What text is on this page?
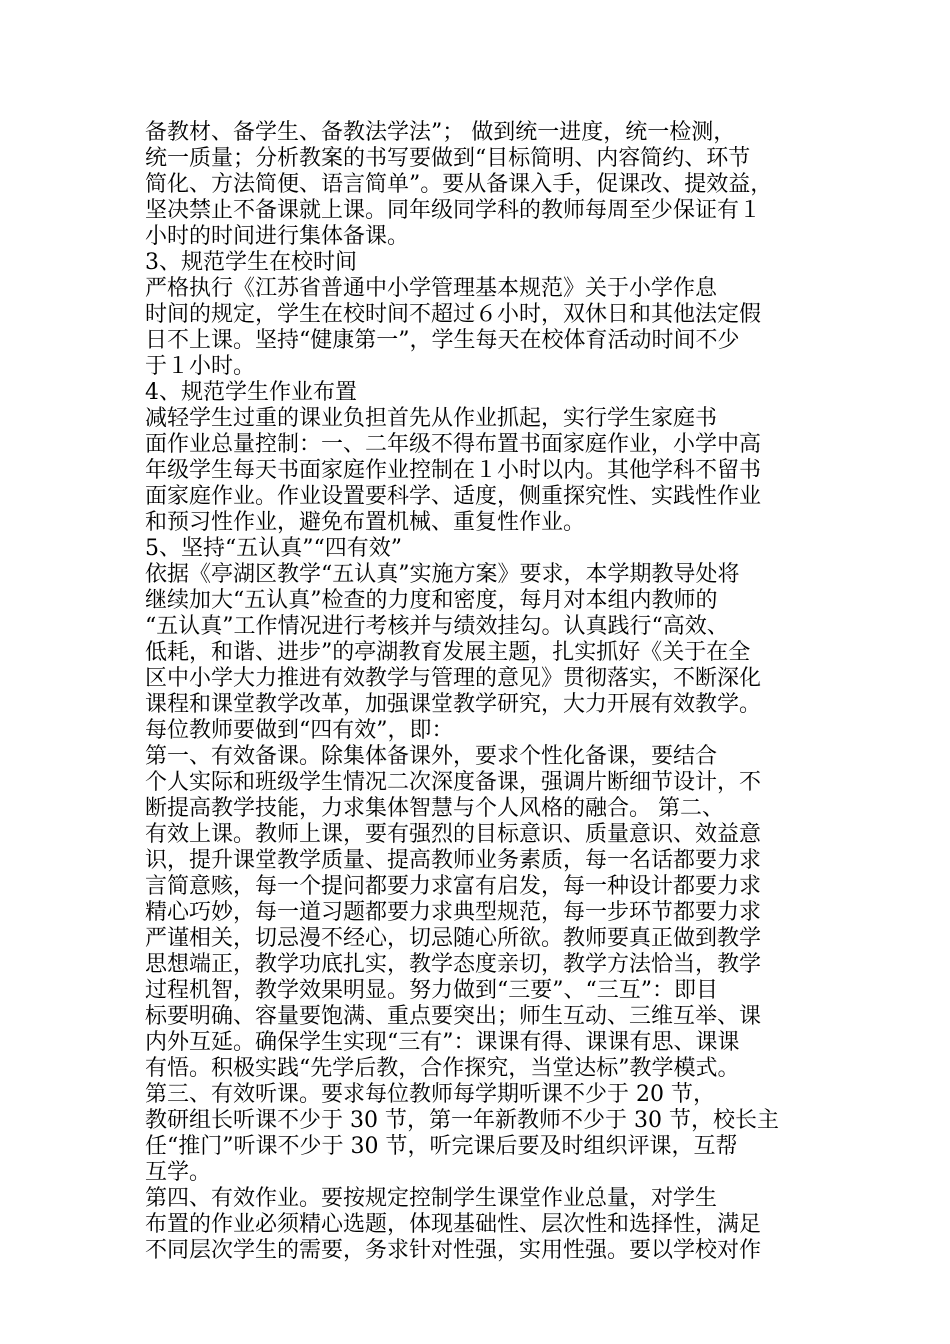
备教材、备学生、备教法学法”； 做到统一进度，统一检测，
统一质量；分析教案的书写要做到“目标简明、内容简约、环节
简化、方法简便、语言简单”。要从备课入手，促课改、提效益，
坚决禁止不备课就上课。同年级同学科的教师每周至少保证有１
小时的时间进行集体备课。
3、规范学生在校时间
严格执行《江苏省普通中小学管理基本规范》关于小学作息
时间的规定，学生在校时间不超过６小时，双休日和其他法定假
日不上课。坚持“健康第一”，学生每天在校体育活动时间不少
于１小时。
4、规范学生作业布置
减轻学生过重的课业负担首先从作业抓起，实行学生家庭书
面作业总量控制：一、二年级不得布置书面家庭作业，小学中高
年级学生每天书面家庭作业控制在１小时以内。其他学科不留书
面家庭作业。作业设置要科学、适度，侧重探究性、实践性作业
和预习性作业，避免布置机械、重复性作业。
5、坚持“五认真”“四有效”
依据《亭湖区教学“五认真”实施方案》要求，本学期教导处将
继续加大“五认真”检查的力度和密度，每月对本组内教师的
“五认真”工作情况进行考核并与绩效挂勾。认真践行“高效、
低耗，和谐、进步”的亭湖教育发展主题，扎实抓好《关于在全
区中小学大力推进有效教学与管理的意见》贯彻落实，不断深化
课程和课堂教学改革，加强课堂教学研究，大力开展有效教学。
每位教师要做到“四有效”，即：
第一、有效备课。除集体备课外，要求个性化备课，要结合
个人实际和班级学生情况二次深度备课，强调片断细节设计，不
断提高教学技能，力求集体智慧与个人风格的融合。 第二、
有效上课。教师上课，要有强烈的目标意识、质量意识、效益意
识，提升课堂教学质量、提高教师业务素质，每一名话都要力求
言简意赅，每一个提问都要力求富有启发，每一种设计都要力求
精心巧妙，每一道习题都要力求典型规范，每一步环节都要力求
严谨相关，切忌漫不经心，切忌随心所欲。教师要真正做到教学
思想端正，教学功底扎实，教学态度亲切，教学方法恰当，教学
过程机智，教学效果明显。努力做到“三要”、“三互”：即目
标要明确、容量要饱满、重点要突出；师生互动、三维互举、课
内外互延。确保学生实现“三有”：课课有得、课课有思、课课
有悟。积极实践“先学后教，合作探究，当堂达标”教学模式。
第三、有效听课。要求每位教师每学期听课不少于 20 节，
教研组长听课不少于 30 节，第一年新教师不少于 30 节，校长主
任“推门”听课不少于 30 节，听完课后要及时组织评课，互帮
互学。
第四、有效作业。要按规定控制学生课堂作业总量，对学生
布置的作业必须精心选题，体现基础性、层次性和选择性，满足
不同层次学生的需要，务求针对性强，实用性强。要以学校对作
